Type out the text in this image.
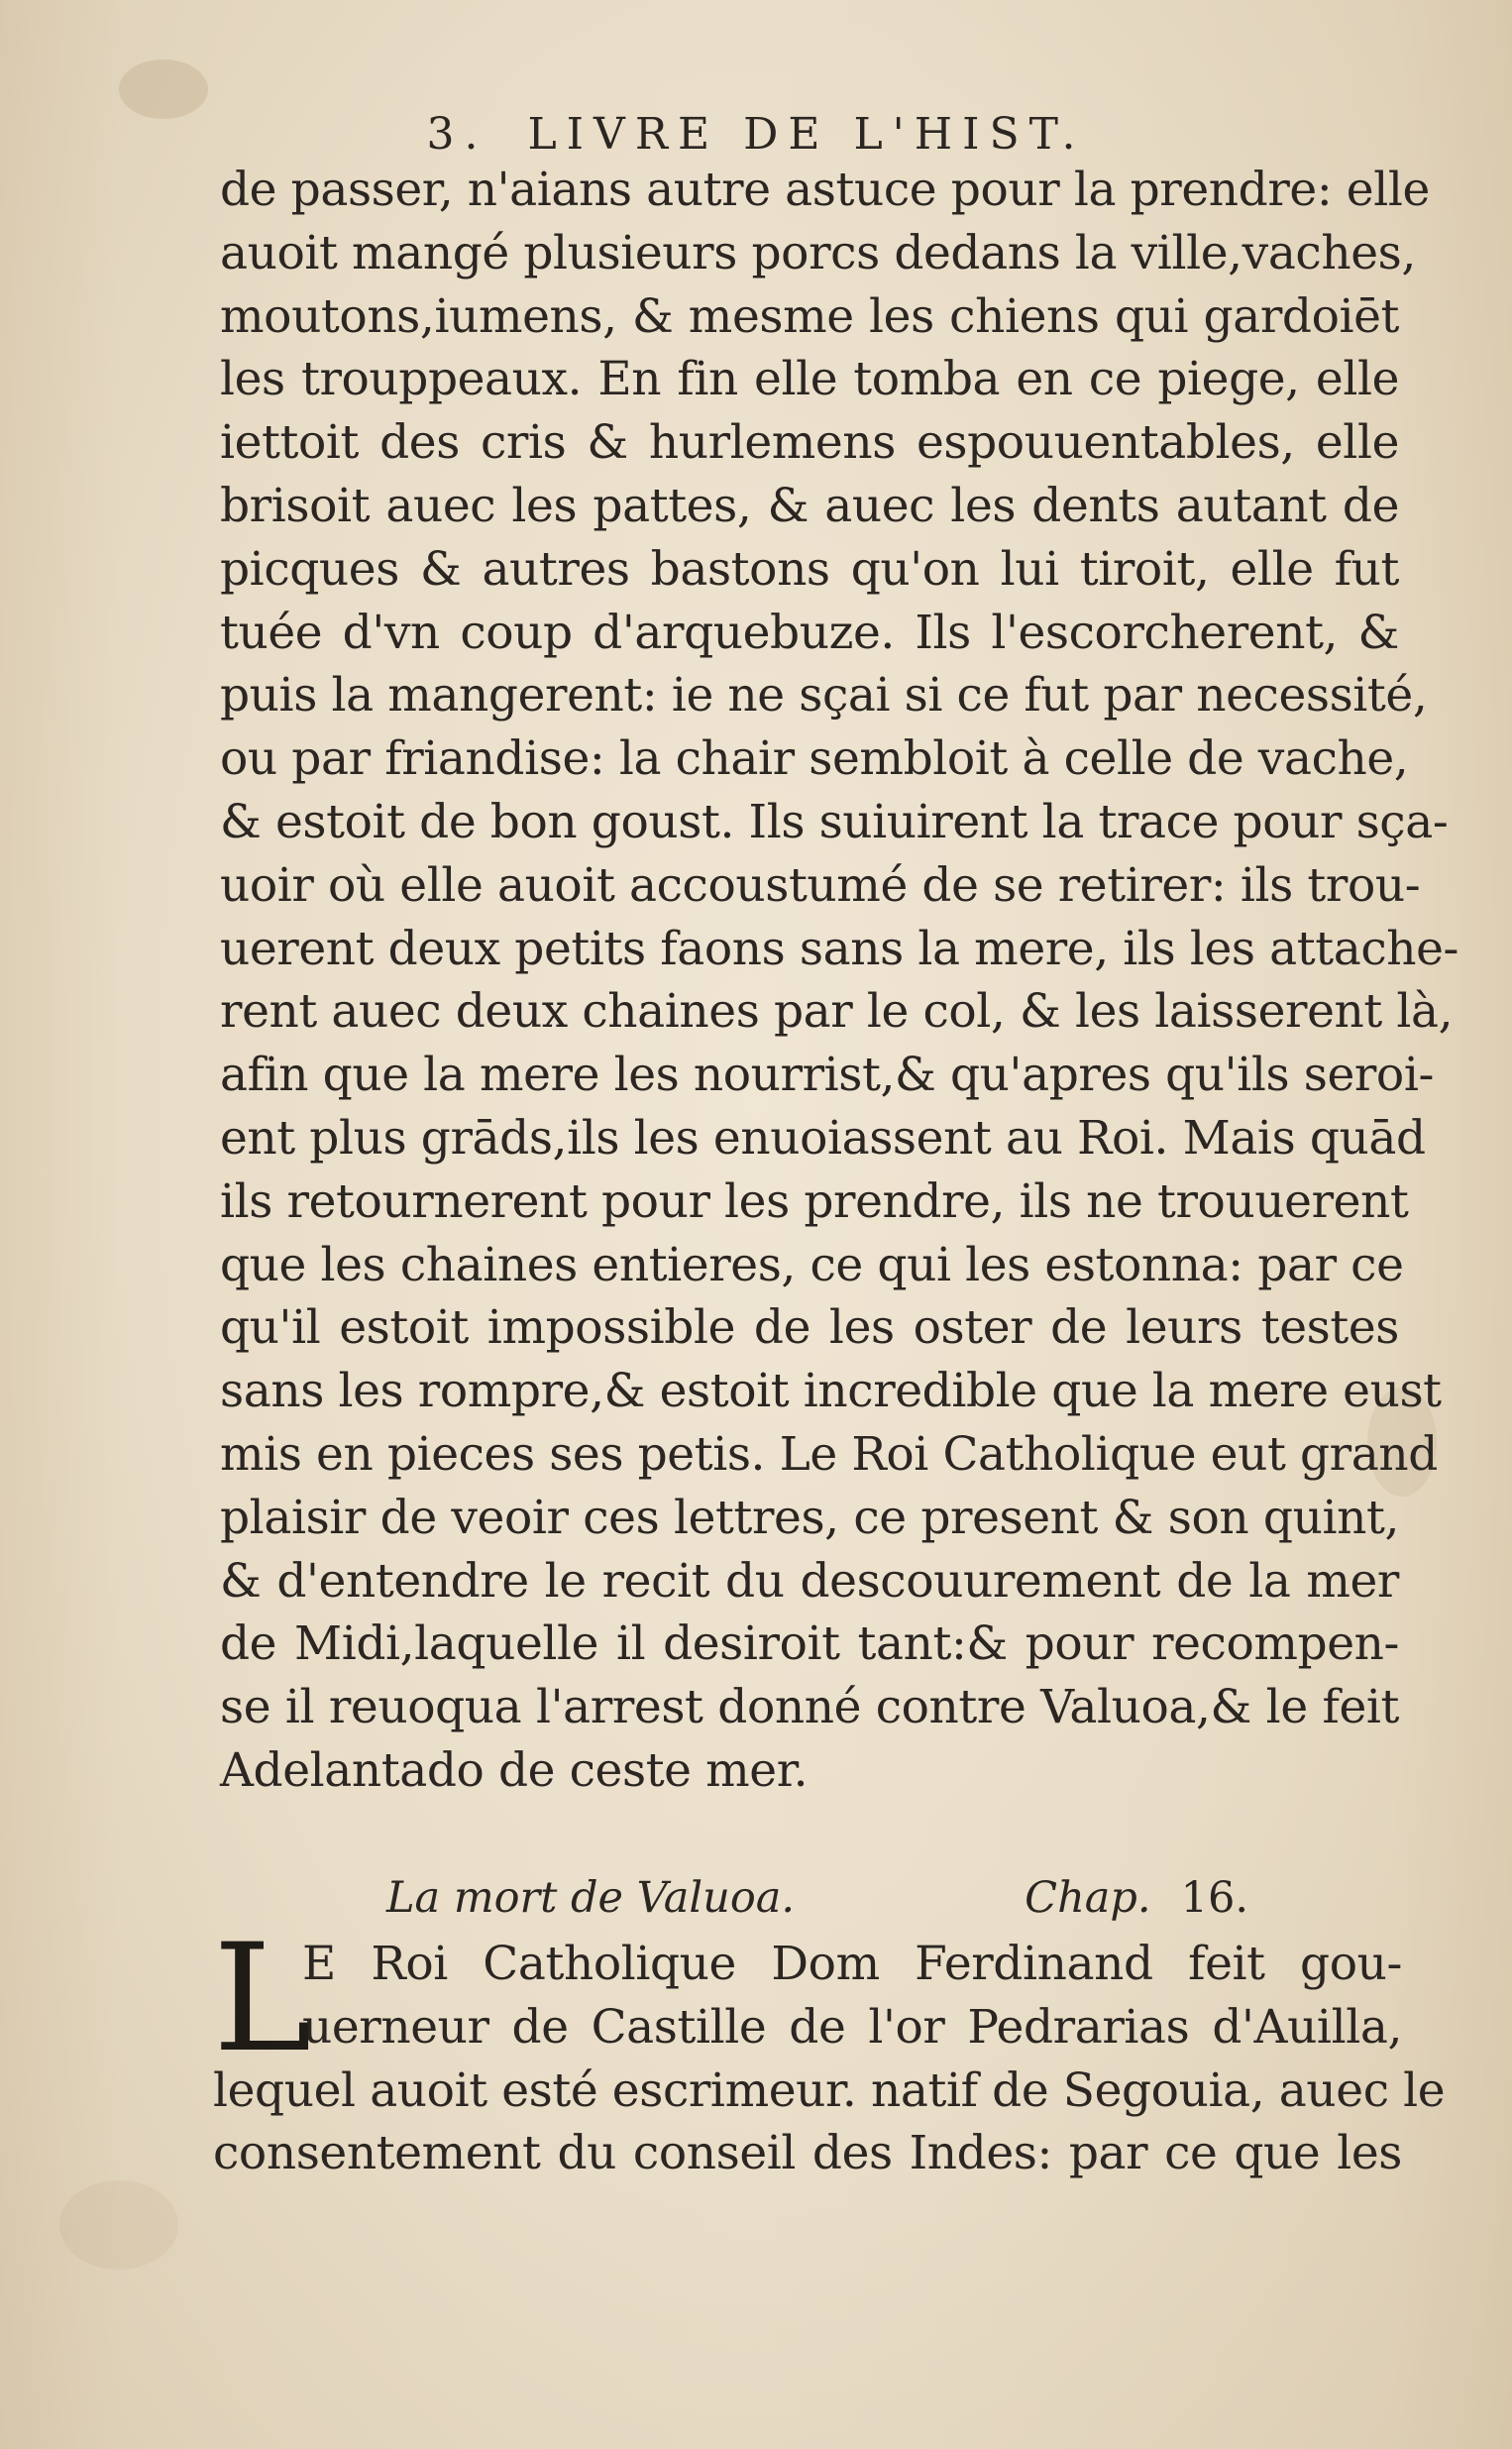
3. LIVRE DE L'HIST.
de passer, n'aians autre astuce pour la prendre: elle
auoit mangé plusieurs porcs dedans la ville,vaches,
moutons,iumens, & mesme les chiens qui gardoiēt
les trouppeaux. En fin elle tomba en ce piege, elle
iettoit des cris & hurlemens espouuentables, elle
brisoit auec les pattes, & auec les dents autant de
picques & autres bastons qu'on lui tiroit, elle fut
tuée d'vn coup d'arquebuze. Ils l'escorcherent, &
puis la mangerent: ie ne sçai si ce fut par necessité,
ou par friandise: la chair sembloit à celle de vache,
& estoit de bon goust. Ils suiuirent la trace pour sça-
uoir où elle auoit accoustumé de se retirer: ils trou-
uerent deux petits faons sans la mere, ils les attache-
rent auec deux chaines par le col, & les laisserent là,
afin que la mere les nourrist,& qu'apres qu'ils seroi-
ent plus grāds,ils les enuoiassent au Roi. Mais quād
ils retournerent pour les prendre, ils ne trouuerent
que les chaines entieres, ce qui les estonna: par ce
qu'il estoit impossible de les oster de leurs testes
sans les rompre,& estoit incredible que la mere eust
mis en pieces ses petis. Le Roi Catholique eut grand
plaisir de veoir ces lettres, ce present & son quint,
& d'entendre le recit du descouurement de la mer
de Midi,laquelle il desiroit tant:& pour recompen-
se il reuoqua l'arrest donné contre Valuoa,& le feit
Adelantado de ceste mer.
La mort de Valuoa.	Chap. 16.
L
E Roi Catholique Dom Ferdinand feit gou-
uerneur de Castille de l'or Pedrarias d'Auilla,
lequel auoit esté escrimeur. natif de Segouia, auec le
consentement du conseil des Indes: par ce que les
